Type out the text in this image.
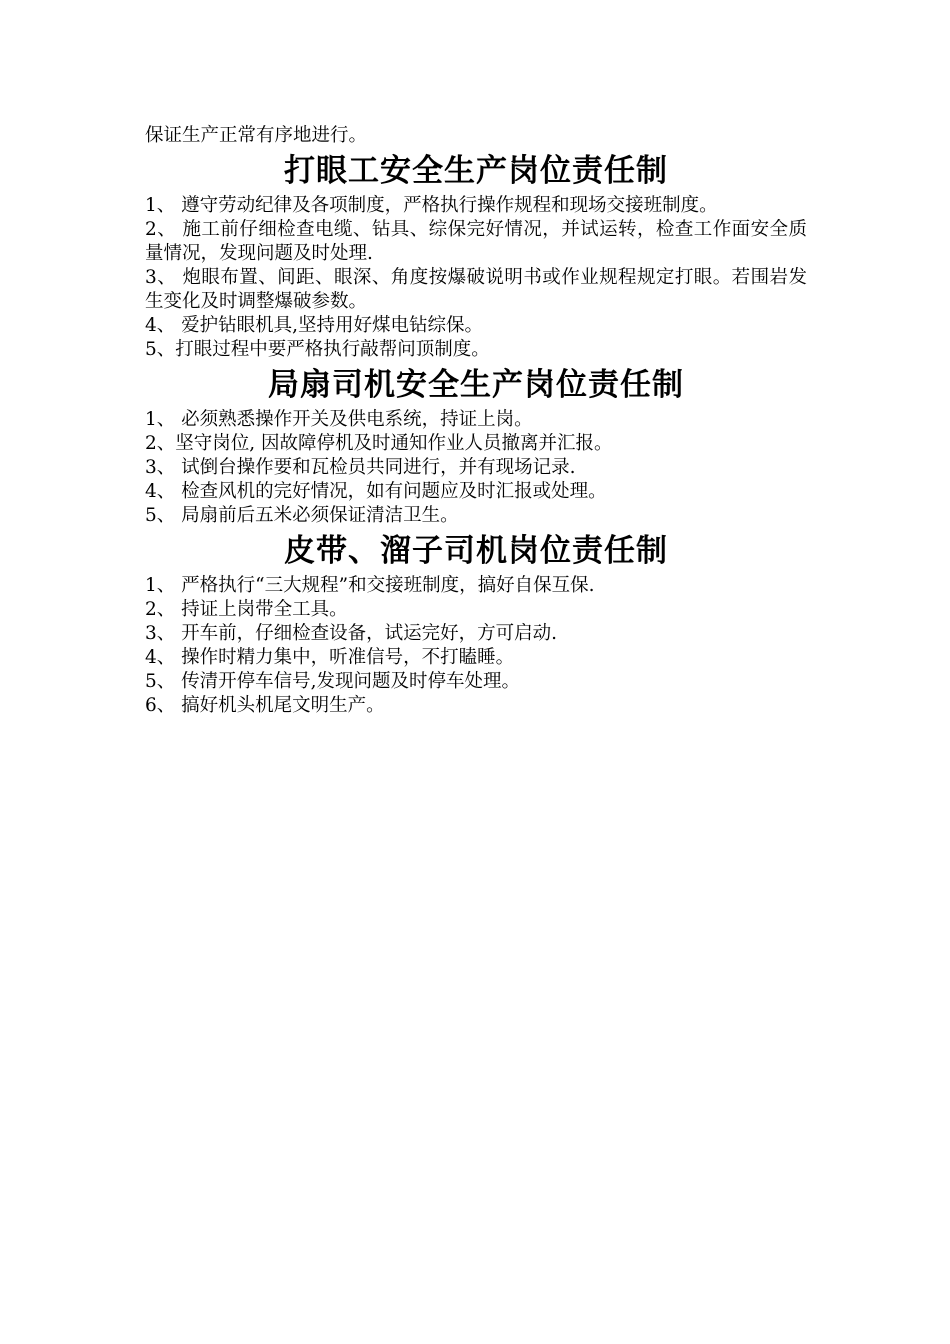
保证生产正常有序地进行。

打眼工安全生产岗位责任制

1、 遵守劳动纪律及各项制度，严格执行操作规程和现场交接班制度。

2、 施工前仔细检查电缆、钻具、综保完好情况，并试运转，检查工作面安全质量情况，发现问题及时处理.

3、 炮眼布置、间距、眼深、角度按爆破说明书或作业规程规定打眼。若围岩发生变化及时调整爆破参数。

4、 爱护钻眼机具,坚持用好煤电钻综保。

5、打眼过程中要严格执行敲帮问顶制度。

局扇司机安全生产岗位责任制

1、 必须熟悉操作开关及供电系统，持证上岗。

2、坚守岗位, 因故障停机及时通知作业人员撤离并汇报。

3、 试倒台操作要和瓦检员共同进行，并有现场记录.

4、 检查风机的完好情况，如有问题应及时汇报或处理。

5、 局扇前后五米必须保证清洁卫生。

皮带、溜子司机岗位责任制

1、 严格执行“三大规程”和交接班制度，搞好自保互保.

2、 持证上岗带全工具。

3、 开车前，仔细检查设备，试运完好，方可启动.

4、 操作时精力集中，听准信号，不打瞌睡。

5、 传清开停车信号,发现问题及时停车处理。

6、 搞好机头机尾文明生产。
